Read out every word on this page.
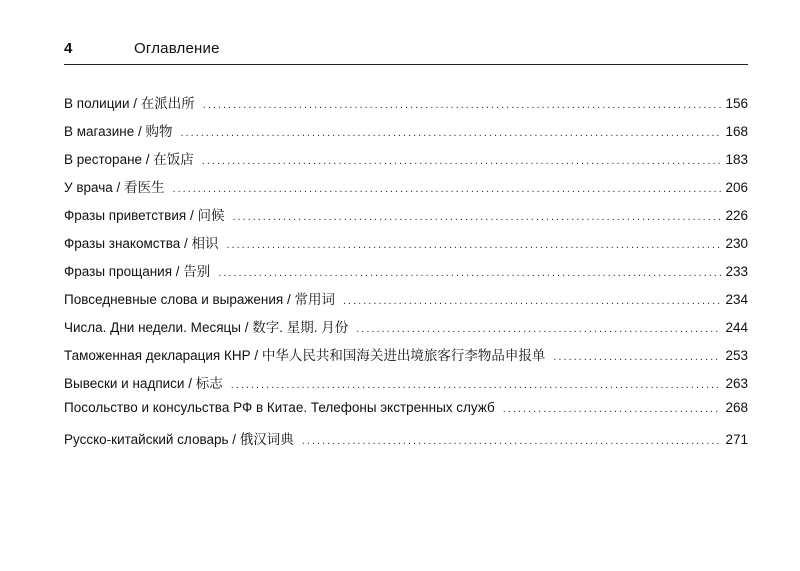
4	Оглавление
В полиции / 在派出所 .....	156
В магазине / 购物 .....	168
В ресторане / 在饭店 .....	183
У врача / 看医生 .....	206
Фразы приветствия / 问候 .....	226
Фразы знакомства / 相识 .....	230
Фразы прощания / 告别 .....	233
Повседневные слова и выражения / 常用词 .....	234
Числа. Дни недели. Месяцы / 数字. 星期. 月份 .....	244
Таможенная декларация КНР / 中华人民共和国海关进出境旅客行李物品申报单 .....	253
Вывески и надписи / 标志 .....	263
Посольство и консульства РФ в Китае. Телефоны экстренных служб .....	268
Русско-китайский словарь / 俄汉词典 .....	271
